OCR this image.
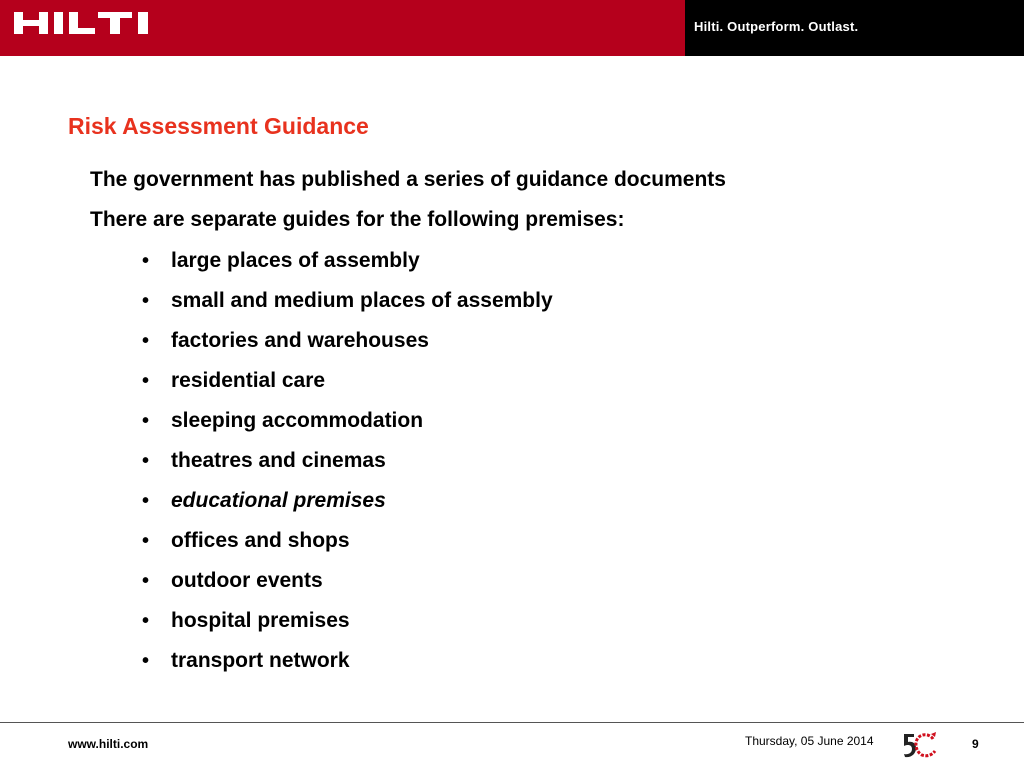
Hilti. Outperform. Outlast.
Risk Assessment Guidance

The government has published a series of guidance documents

There are separate guides for the following premises:

•	large places of assembly
•	small and medium places of assembly
•	factories and warehouses
•	residential care
•	sleeping accommodation
•	theatres and cinemas
•	educational premises
•	offices and shops
•	outdoor events
•	hospital premises
•	transport network
www.hilti.com	Thursday, 05 June 2014	9
